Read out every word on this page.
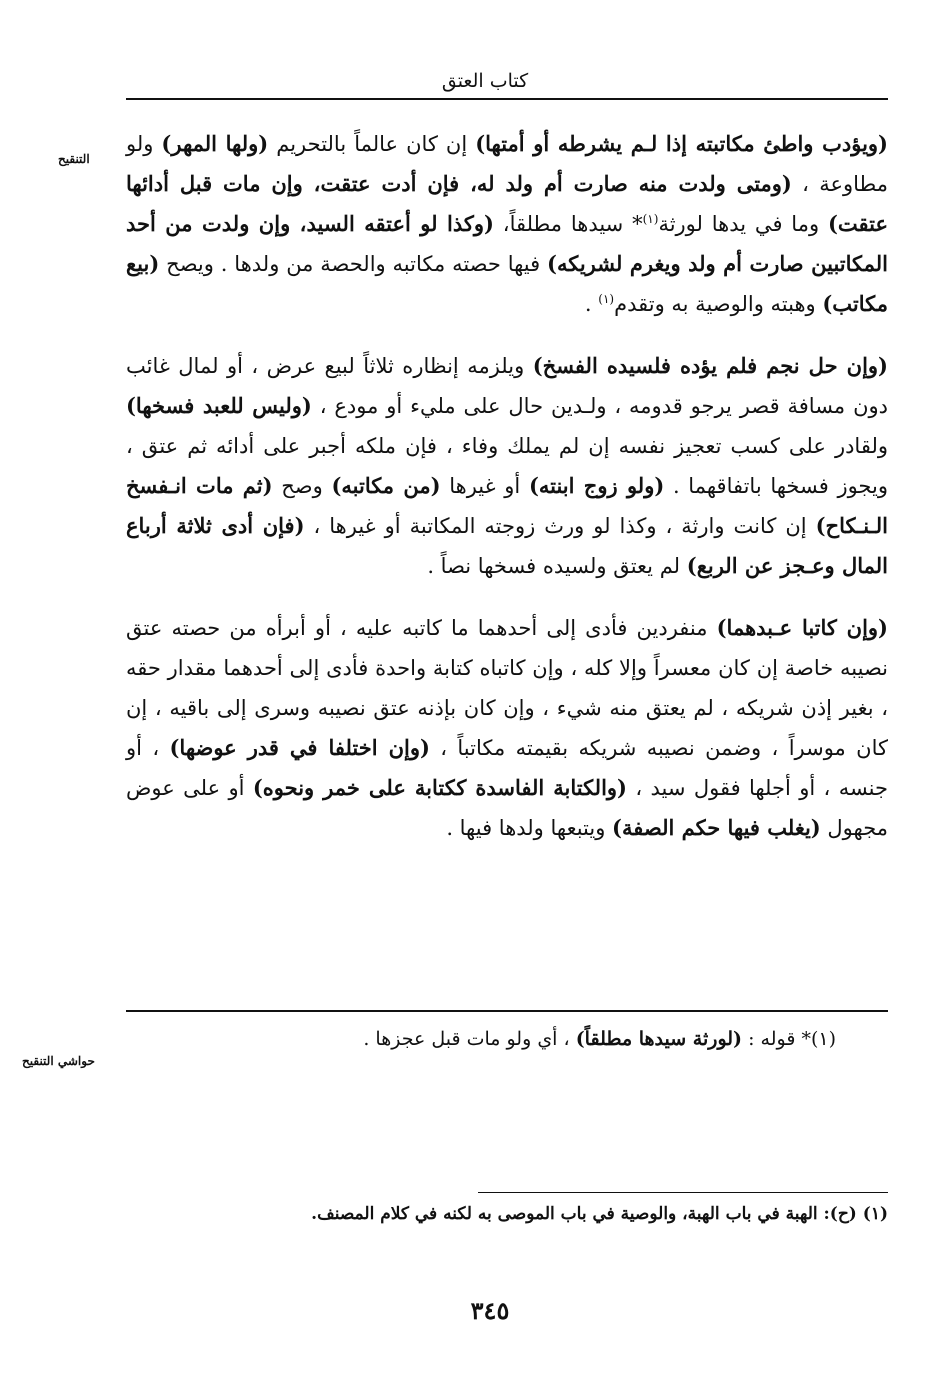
كتاب العتق
التنقيح

(ويؤدب واطئ مكاتبته إذا لـم يشرطه أو أمتها) إن كان عالماً بالتحريم (ولها المهر) ولو مطاوعة ، (ومتى ولدت منه صارت أم ولد له، فإن أدت عتقت، وإن مات قبل أدائها عتقت) وما في يدها لورثة$^{(١)}$* سيدها مطلقاً، (وكذا لو أعتقه السيد، وإن ولدت من أحد المكاتبين صارت أم ولد ويغرم لشريكه) فيها حصته مكاتبه والحصة من ولدها . ويصح (بيع مكاتب) وهبته والوصية به وتقدم$^{(١)}$ .

(وإن حل نجم فلم يؤده فلسيده الفسخ) ويلزمه إنظاره ثلاثاً لبيع عرض ، أو لمال غائب دون مسافة قصر يرجو قدومه ، ولـدين حال على مليء أو مودع ، (وليس للعبد فسخها) ولقادر على كسب تعجيز نفسه إن لم يملك وفاء ، فإن ملكه أجبر على أدائه ثم عتق ، ويجوز فسخها باتفاقهما . (ولو زوج ابنته) أو غيرها (من مكاتبه) وصح (ثم مات انـفسخ الـنـكاح) إن كانت وارثة ، وكذا لو ورث زوجته المكاتبة أو غيرها ، (فإن أدى ثلاثة أرباع المال وعـجز عن الربع) لم يعتق ولسيده فسخها نصاً .

(وإن كاتبا عـبدهما) منفردين فأدى إلى أحدهما ما كاتبه عليه ، أو أبرأه من حصته عتق نصيبه خاصة إن كان معسراً وإلا كله ، وإن كاتباه كتابة واحدة فأدى إلى أحدهما مقدار حقه ، بغير إذن شريكه ، لم يعتق منه شيء ، وإن كان بإذنه عتق نصيبه وسرى إلى باقيه ، إن كان موسراً ، وضمن نصيبه شريكه بقيمته مكاتباً ، (وإن اختلفا في قدر عوضها) ، أو جنسه ، أو أجلها فقول سيد ، (والكتابة الفاسدة ككتابة على خمر ونحوه) أو على عوض مجهول (يغلب فيها حكم الصفة) ويتبعها ولدها فيها .

حواشي التنقيح
(١)* قوله : (لورثة سيدها مطلقاً) ، أي ولو مات قبل عجزها .
(١) (ح): الهبة في باب الهبة، والوصية في باب الموصى به لكنه في كلام المصنف.
٣٤٥
